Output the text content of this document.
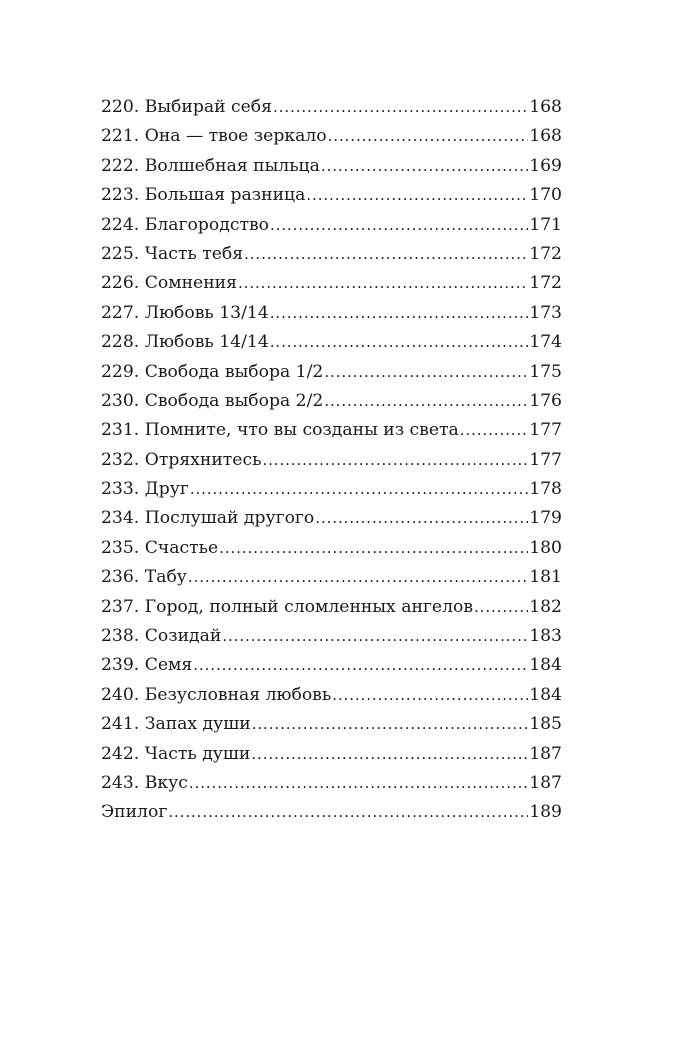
220. Выбирай себя .....	168
221. Она — твое зеркало .....	168
222. Волшебная пыльца .....	169
223. Большая разница .....	170
224. Благородство .....	171
225. Часть тебя .....	172
226. Сомнения .....	172
227. Любовь 13/14 .....	173
228. Любовь 14/14 .....	174
229. Свобода выбора 1/2 .....	175
230. Свобода выбора 2/2 .....	176
231. Помните, что вы созданы из света .....	177
232. Отряхнитесь .....	177
233. Друг .....	178
234. Послушай другого .....	179
235. Счастье .....	180
236. Табу .....	181
237. Город, полный сломленных ангелов .....	182
238. Созидай .....	183
239. Семя .....	184
240. Безусловная любовь .....	184
241. Запах души .....	185
242. Часть души .....	187
243. Вкус .....	187
Эпилог .....	189
